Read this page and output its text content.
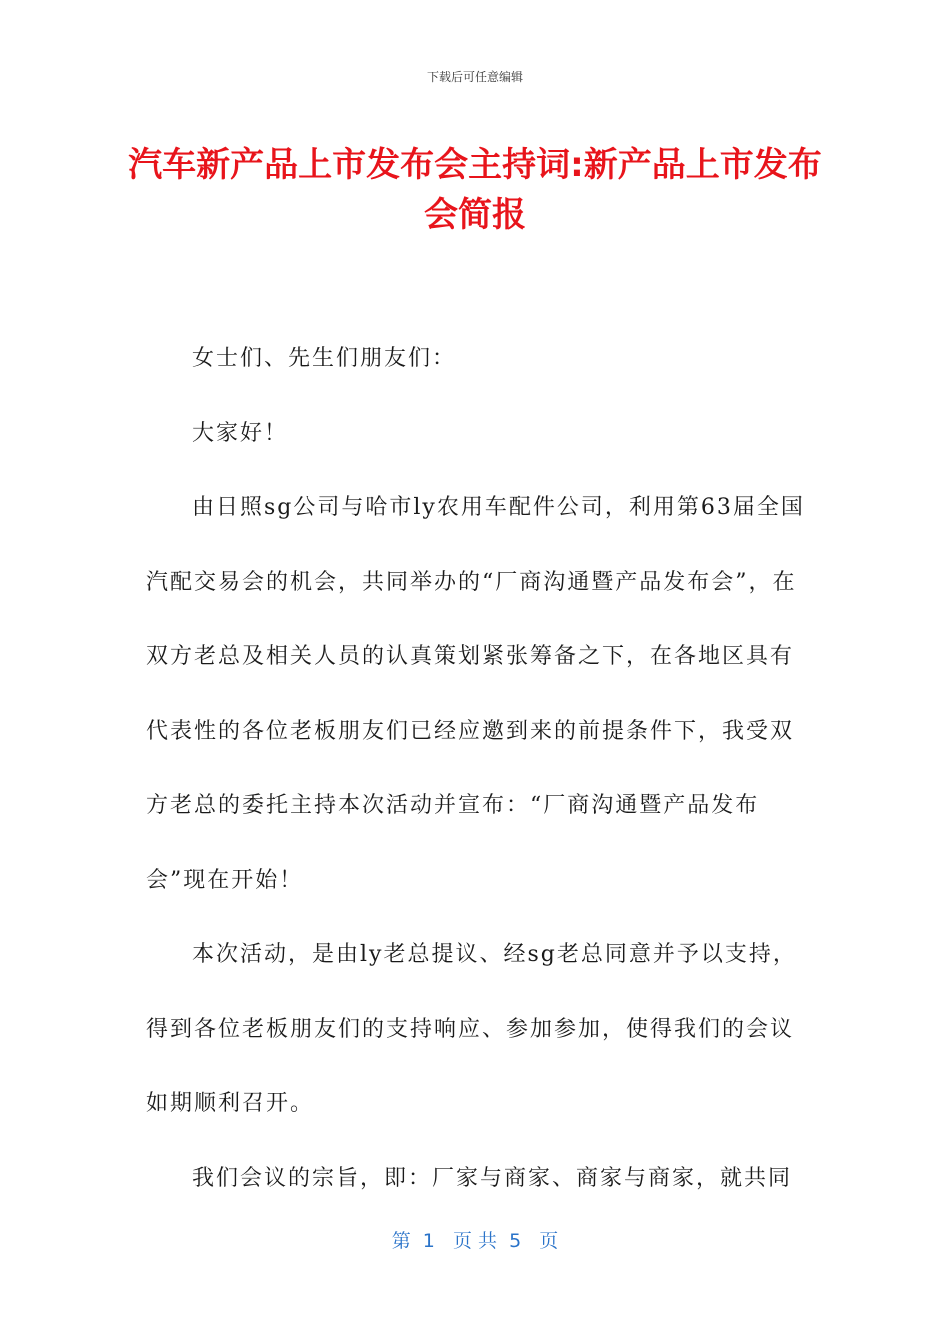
下载后可任意编辑
汽车新产品上市发布会主持词:新产品上市发布会简报

女士们、先生们朋友们：

大家好！

由日照sg公司与哈市ly农用车配件公司，利用第63届全国汽配交易会的机会，共同举办的“厂商沟通暨产品发布会”，在双方老总及相关人员的认真策划紧张筹备之下，在各地区具有代表性的各位老板朋友们已经应邀到来的前提条件下，我受双方老总的委托主持本次活动并宣布：“厂商沟通暨产品发布会”现在开始！

本次活动，是由ly老总提议、经sg老总同意并予以支持，得到各位老板朋友们的支持响应、参加参加，使得我们的会议如期顺利召开。

我们会议的宗旨，即：厂家与商家、商家与商家，就共同

第  1   页 共  5   页
